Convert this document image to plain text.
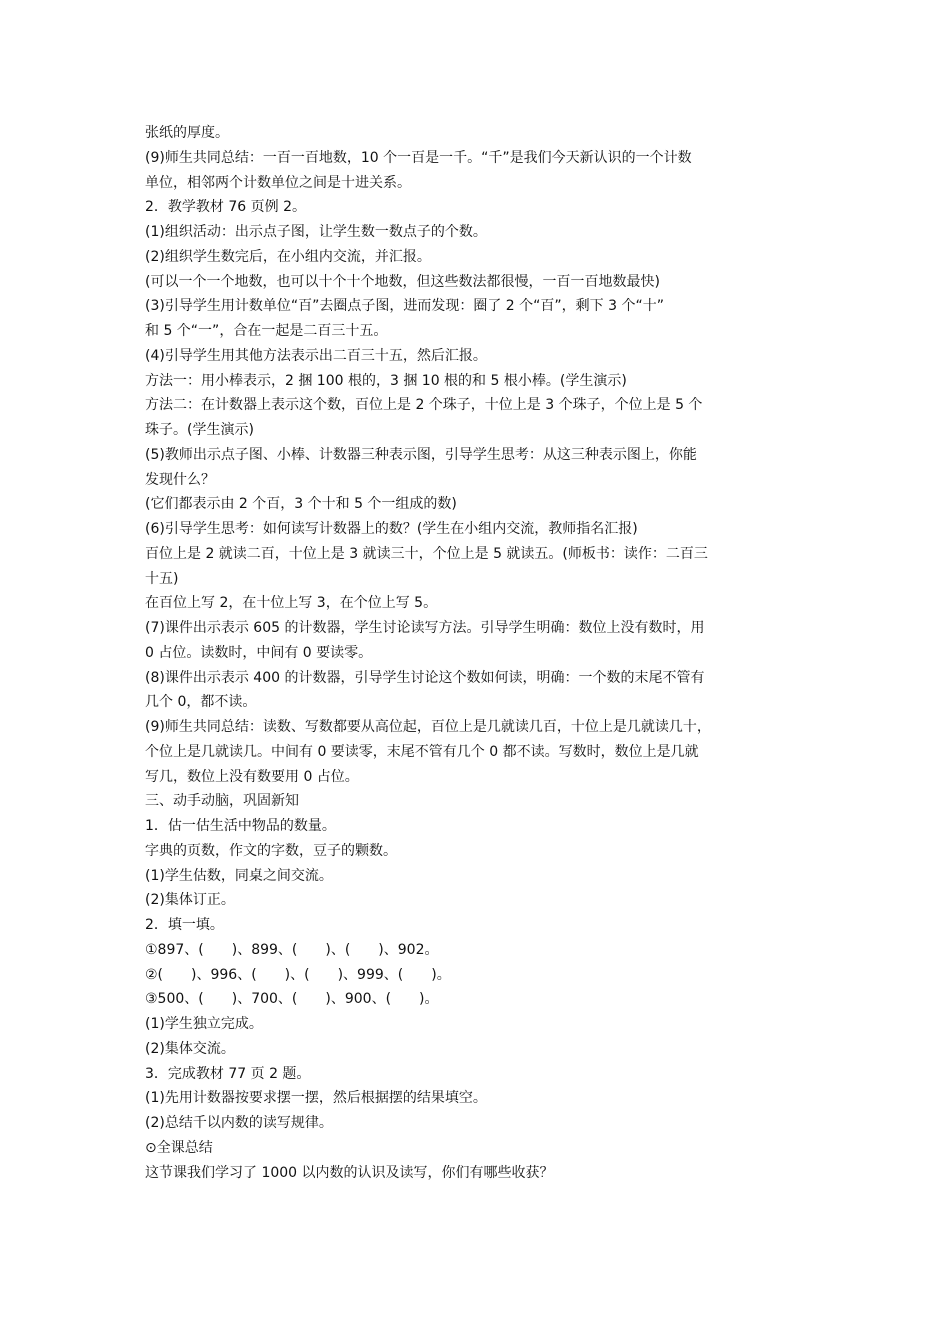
张纸的厚度。
(9)师生共同总结：一百一百地数，10 个一百是一千。“千”是我们今天新认识的一个计数
单位，相邻两个计数单位之间是十进关系。
2．教学教材 76 页例 2。
(1)组织活动：出示点子图，让学生数一数点子的个数。
(2)组织学生数完后，在小组内交流，并汇报。
(可以一个一个地数，也可以十个十个地数，但这些数法都很慢，一百一百地数最快)
(3)引导学生用计数单位“百”去圈点子图，进而发现：圈了 2 个“百”，剩下 3 个“十”
和 5 个“一”，合在一起是二百三十五。
(4)引导学生用其他方法表示出二百三十五，然后汇报。
方法一：用小棒表示，2 捆 100 根的，3 捆 10 根的和 5 根小棒。(学生演示)
方法二：在计数器上表示这个数，百位上是 2 个珠子，十位上是 3 个珠子，个位上是 5 个
珠子。(学生演示)
(5)教师出示点子图、小棒、计数器三种表示图，引导学生思考：从这三种表示图上，你能
发现什么？
(它们都表示由 2 个百，3 个十和 5 个一组成的数)
(6)引导学生思考：如何读写计数器上的数？(学生在小组内交流，教师指名汇报)
百位上是 2 就读二百，十位上是 3 就读三十，个位上是 5 就读五。(师板书：读作：二百三
十五)
在百位上写 2，在十位上写 3，在个位上写 5。
(7)课件出示表示 605 的计数器，学生讨论读写方法。引导学生明确：数位上没有数时，用
0 占位。读数时，中间有 0 要读零。
(8)课件出示表示 400 的计数器，引导学生讨论这个数如何读，明确：一个数的末尾不管有
几个 0，都不读。
(9)师生共同总结：读数、写数都要从高位起，百位上是几就读几百，十位上是几就读几十，
个位上是几就读几。中间有 0 要读零，末尾不管有几个 0 都不读。写数时，数位上是几就
写几，数位上没有数要用 0 占位。
三、动手动脑，巩固新知
1．估一估生活中物品的数量。
字典的页数，作文的字数，豆子的颗数。
(1)学生估数，同桌之间交流。
(2)集体订正。
2．填一填。
①897、(　　)、899、(　　)、(　　)、902。
②(　　)、996、(　　)、(　　)、999、(　　)。
③500、(　　)、700、(　　)、900、(　　)。
(1)学生独立完成。
(2)集体交流。
3．完成教材 77 页 2 题。
(1)先用计数器按要求摆一摆，然后根据摆的结果填空。
(2)总结千以内数的读写规律。
⊙全课总结
这节课我们学习了 1000 以内数的认识及读写，你们有哪些收获？
